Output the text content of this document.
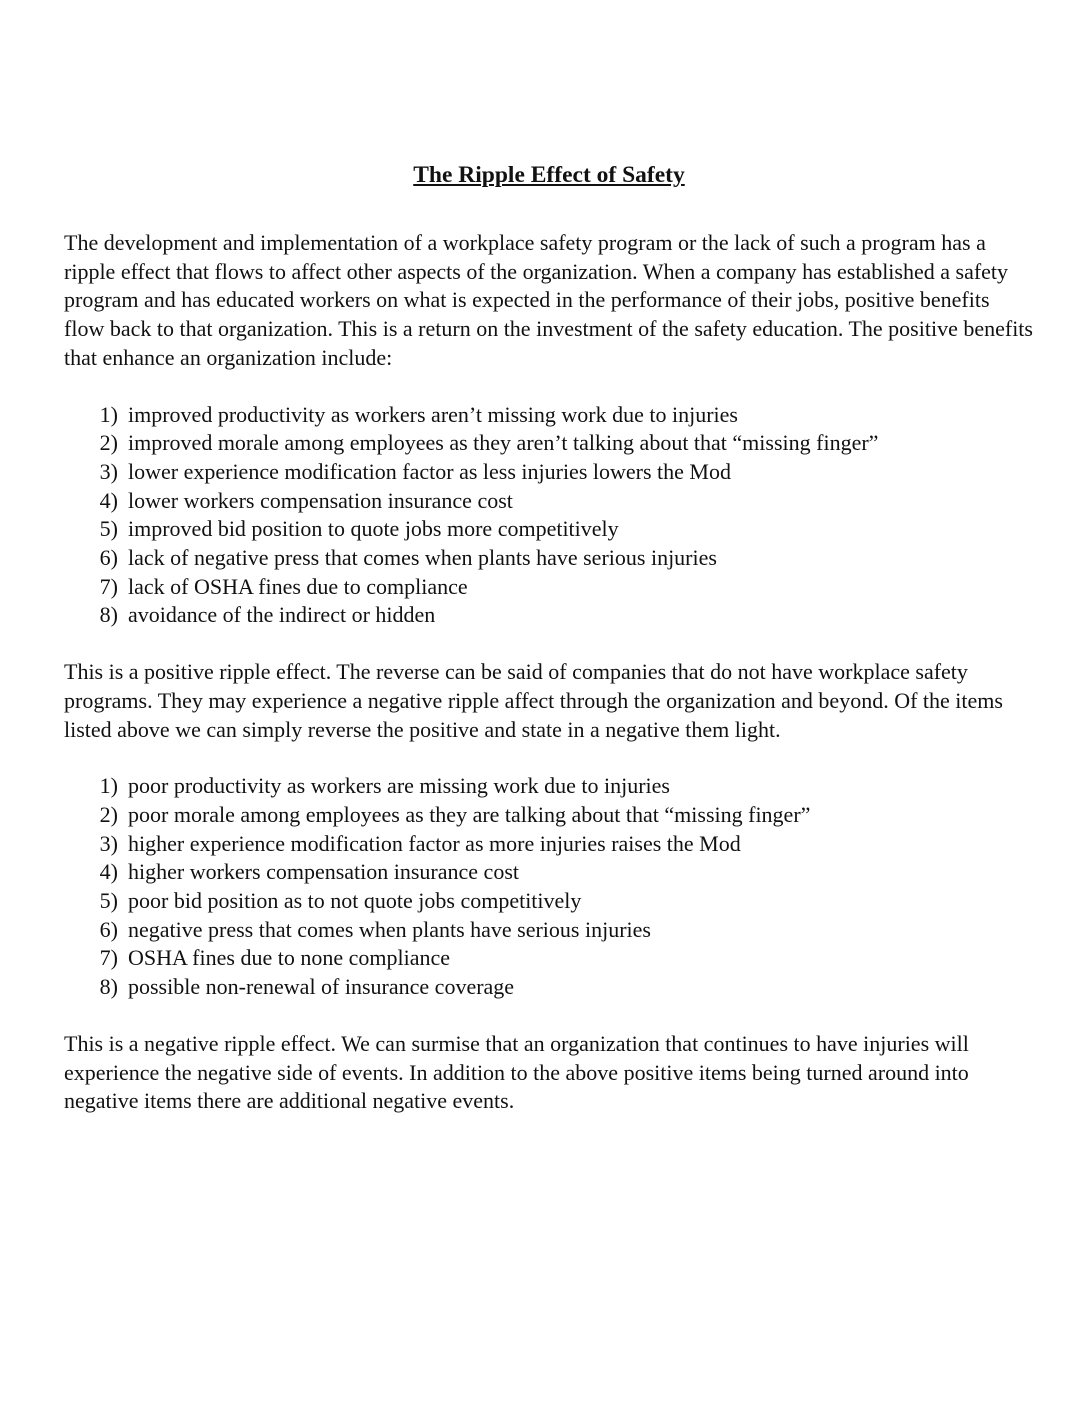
The Ripple Effect of Safety

The development and implementation of a workplace safety program or the lack of such a program has a ripple effect that flows to affect other aspects of the organization. When a company has established a safety program and has educated workers on what is expected in the performance of their jobs, positive benefits flow back to that organization. This is a return on the investment of the safety education. The positive benefits that enhance an organization include:

1) improved productivity as workers aren’t missing work due to injuries
2) improved morale among employees as they aren’t talking about that “missing finger”
3) lower experience modification factor as less injuries lowers the Mod
4) lower workers compensation insurance cost
5) improved bid position to quote jobs more competitively
6) lack of negative press that comes when plants have serious injuries
7) lack of OSHA fines due to compliance
8) avoidance of the indirect or hidden

This is a positive ripple effect. The reverse can be said of companies that do not have workplace safety programs. They may experience a negative ripple affect through the organization and beyond. Of the items listed above we can simply reverse the positive and state in a negative them light.

1) poor productivity as workers are missing work due to injuries
2) poor morale among employees as they are talking about that “missing finger”
3) higher experience modification factor as more injuries raises the Mod
4) higher workers compensation insurance cost
5) poor bid position as to not quote jobs competitively
6) negative press that comes when plants have serious injuries
7) OSHA fines due to none compliance
8) possible non-renewal of insurance coverage

This is a negative ripple effect. We can surmise that an organization that continues to have injuries will experience the negative side of events. In addition to the above positive items being turned around into negative items there are additional negative events.
